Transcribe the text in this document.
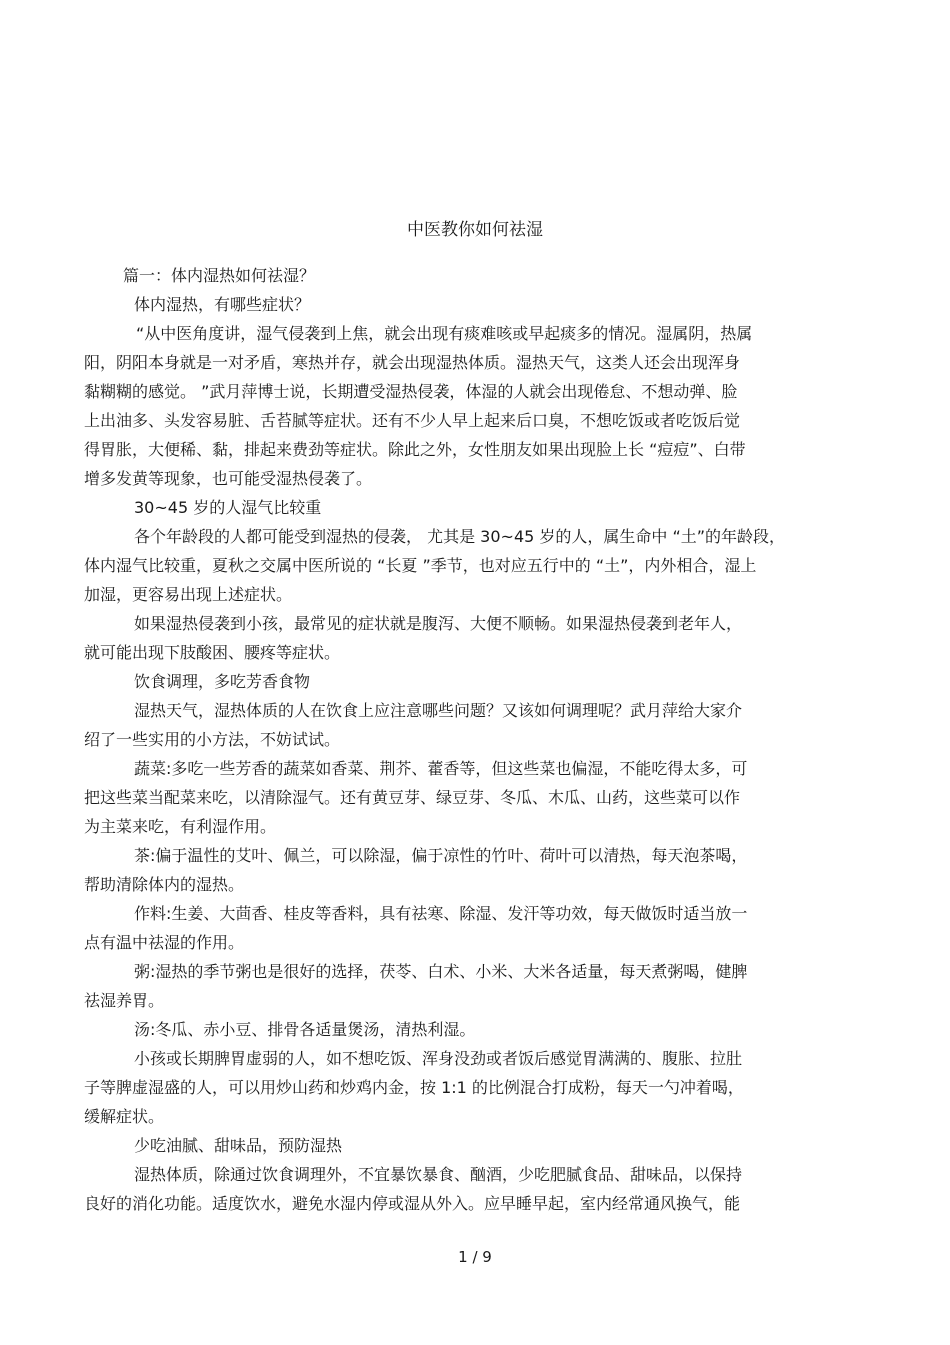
中医教你如何祛湿
篇一：体内湿热如何祛湿？
体内湿热，有哪些症状？
“从中医角度讲，湿气侵袭到上焦，就会出现有痰难咳或早起痰多的情况。湿属阴，热属
阳，阴阳本身就是一对矛盾，寒热并存，就会出现湿热体质。湿热天气，这类人还会出现浑身
黏糊糊的感觉。 ”武月萍博士说，长期遭受湿热侵袭，体湿的人就会出现倦怠、不想动弹、脸
上出油多、头发容易脏、舌苔腻等症状。还有不少人早上起来后口臭，不想吃饭或者吃饭后觉
得胃胀，大便稀、黏，排起来费劲等症状。除此之外，女性朋友如果出现脸上长 “痘痘”、白带
增多发黄等现象，也可能受湿热侵袭了。
30~45 岁的人湿气比较重
各个年龄段的人都可能受到湿热的侵袭， 尤其是 30~45 岁的人，属生命中 “土”的年龄段，
体内湿气比较重，夏秋之交属中医所说的 “长夏 ”季节，也对应五行中的 “土”，内外相合，湿上
加湿，更容易出现上述症状。
如果湿热侵袭到小孩，最常见的症状就是腹泻、大便不顺畅。如果湿热侵袭到老年人，
就可能出现下肢酸困、腰疼等症状。
饮食调理，多吃芳香食物
湿热天气，湿热体质的人在饮食上应注意哪些问题？又该如何调理呢？武月萍给大家介
绍了一些实用的小方法，不妨试试。
蔬菜:多吃一些芳香的蔬菜如香菜、荆芥、藿香等，但这些菜也偏湿，不能吃得太多，可
把这些菜当配菜来吃，以清除湿气。还有黄豆芽、绿豆芽、冬瓜、木瓜、山药，这些菜可以作
为主菜来吃，有利湿作用。
茶:偏于温性的艾叶、佩兰，可以除湿，偏于凉性的竹叶、荷叶可以清热，每天泡茶喝，
帮助清除体内的湿热。
作料:生姜、大茴香、桂皮等香料，具有祛寒、除湿、发汗等功效，每天做饭时适当放一
点有温中祛湿的作用。
粥:湿热的季节粥也是很好的选择，茯苓、白术、小米、大米各适量，每天煮粥喝，健脾
祛湿养胃。
汤:冬瓜、赤小豆、排骨各适量煲汤，清热利湿。
小孩或长期脾胃虚弱的人，如不想吃饭、浑身没劲或者饭后感觉胃满满的、腹胀、拉肚
子等脾虚湿盛的人，可以用炒山药和炒鸡内金，按 1:1 的比例混合打成粉，每天一勺冲着喝，
缓解症状。
少吃油腻、甜味品，预防湿热
湿热体质，除通过饮食调理外，不宜暴饮暴食、酗酒，少吃肥腻食品、甜味品，以保持
良好的消化功能。适度饮水，避免水湿内停或湿从外入。应早睡早起，室内经常通风换气，能
1 / 9
